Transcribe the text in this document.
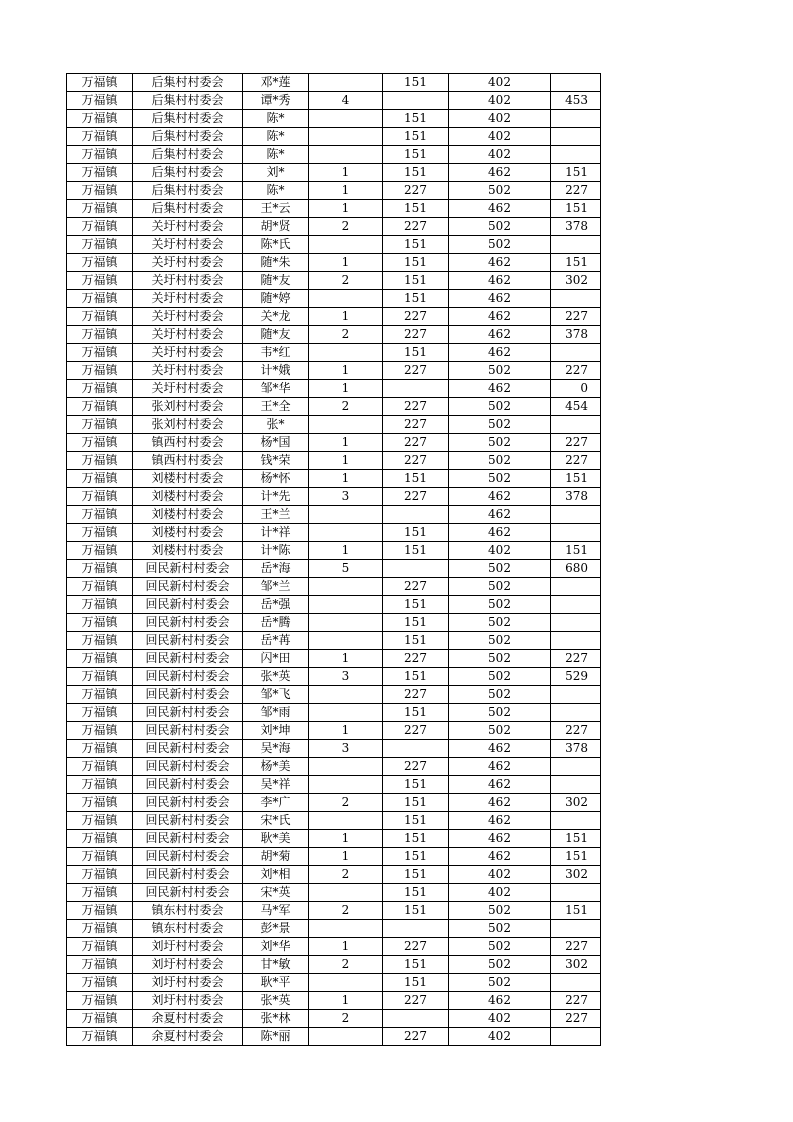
万福镇	后集村村委会	邓*莲		151	402	
万福镇	后集村村委会	谭*秀	4		402	453
万福镇	后集村村委会	陈*		151	402	
万福镇	后集村村委会	陈*		151	402	
万福镇	后集村村委会	陈*		151	402	
万福镇	后集村村委会	刘*	1	151	462	151
万福镇	后集村村委会	陈*	1	227	502	227
万福镇	后集村村委会	王*云	1	151	462	151
万福镇	关圩村村委会	胡*贤	2	227	502	378
万福镇	关圩村村委会	陈*氏		151	502	
万福镇	关圩村村委会	随*朱	1	151	462	151
万福镇	关圩村村委会	随*友	2	151	462	302
万福镇	关圩村村委会	随*婷		151	462	
万福镇	关圩村村委会	关*龙	1	227	462	227
万福镇	关圩村村委会	随*友	2	227	462	378
万福镇	关圩村村委会	韦*红		151	462	
万福镇	关圩村村委会	计*娥	1	227	502	227
万福镇	关圩村村委会	邹*华	1		462	0
万福镇	张刘村村委会	王*全	2	227	502	454
万福镇	张刘村村委会	张*		227	502	
万福镇	镇西村村委会	杨*国	1	227	502	227
万福镇	镇西村村委会	钱*荣	1	227	502	227
万福镇	刘楼村村委会	杨*怀	1	151	502	151
万福镇	刘楼村村委会	计*先	3	227	462	378
万福镇	刘楼村村委会	王*兰			462	
万福镇	刘楼村村委会	计*祥		151	462	
万福镇	刘楼村村委会	计*陈	1	151	402	151
万福镇	回民新村村委会	岳*海	5		502	680
万福镇	回民新村村委会	邹*兰		227	502	
万福镇	回民新村村委会	岳*强		151	502	
万福镇	回民新村村委会	岳*腾		151	502	
万福镇	回民新村村委会	岳*苒		151	502	
万福镇	回民新村村委会	闪*田	1	227	502	227
万福镇	回民新村村委会	张*英	3	151	502	529
万福镇	回民新村村委会	邹*飞		227	502	
万福镇	回民新村村委会	邹*雨		151	502	
万福镇	回民新村村委会	刘*坤	1	227	502	227
万福镇	回民新村村委会	吴*海	3		462	378
万福镇	回民新村村委会	杨*美		227	462	
万福镇	回民新村村委会	吴*祥		151	462	
万福镇	回民新村村委会	李*广	2	151	462	302
万福镇	回民新村村委会	宋*氏		151	462	
万福镇	回民新村村委会	耿*美	1	151	462	151
万福镇	回民新村村委会	胡*菊	1	151	462	151
万福镇	回民新村村委会	刘*相	2	151	402	302
万福镇	回民新村村委会	宋*英		151	402	
万福镇	镇东村村委会	马*军	2	151	502	151
万福镇	镇东村村委会	彭*景			502	
万福镇	刘圩村村委会	刘*华	1	227	502	227
万福镇	刘圩村村委会	甘*敏	2	151	502	302
万福镇	刘圩村村委会	耿*平		151	502	
万福镇	刘圩村村委会	张*英	1	227	462	227
万福镇	余夏村村委会	张*林	2		402	227
万福镇	余夏村村委会	陈*丽		227	402	
